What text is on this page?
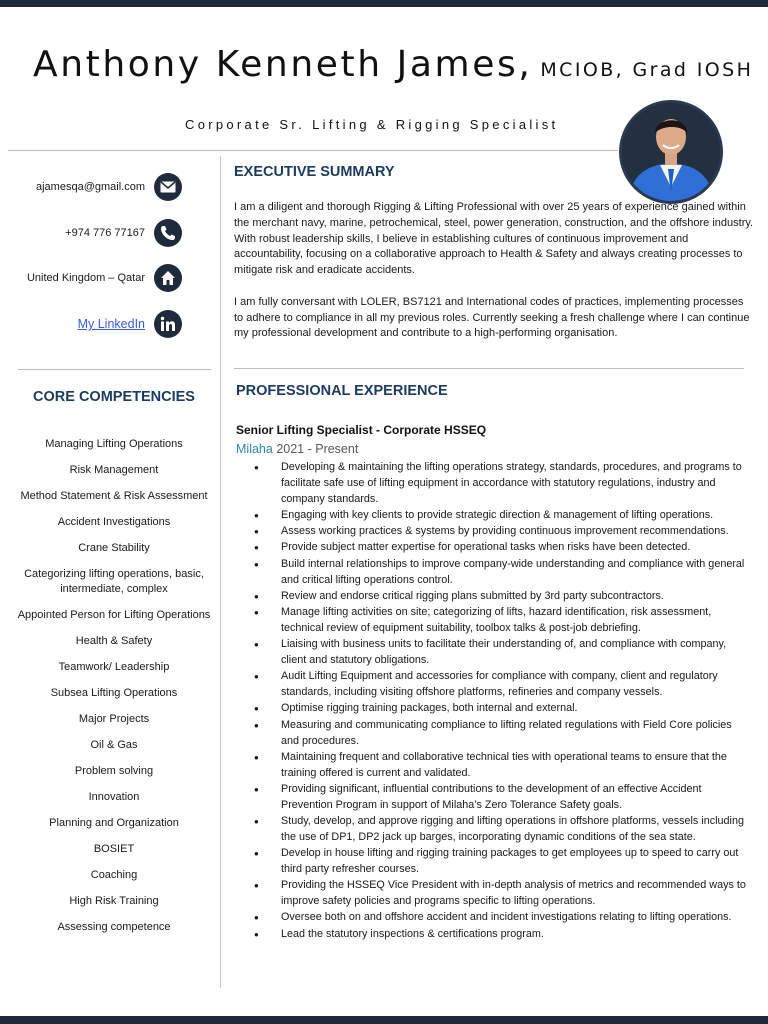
Anthony Kenneth James, MCIOB, Grad IOSH
Corporate Sr. Lifting & Rigging Specialist
ajamesqa@gmail.com
+974 776 77167
United Kingdom – Qatar
My LinkedIn
CORE COMPETENCIES
Managing Lifting Operations
Risk Management
Method Statement & Risk Assessment
Accident Investigations
Crane Stability
Categorizing lifting operations, basic, intermediate, complex
Appointed Person for Lifting Operations
Health & Safety
Teamwork/ Leadership
Subsea Lifting Operations
Major Projects
Oil & Gas
Problem solving
Innovation
Planning and Organization
BOSIET
Coaching
High Risk Training
Assessing competence
EXECUTIVE SUMMARY

I am a diligent and thorough Rigging & Lifting Professional with over 25 years of experience gained within the merchant navy, marine, petrochemical, steel, power generation, construction, and the offshore industry. With robust leadership skills, I believe in establishing cultures of continuous improvement and accountability, focusing on a collaborative approach to Health & Safety and always creating processes to mitigate risk and eradicate accidents.

I am fully conversant with LOLER, BS7121 and International codes of practices, implementing processes to adhere to compliance in all my previous roles. Currently seeking a fresh challenge where I can continue my professional development and contribute to a high-performing organisation.

PROFESSIONAL EXPERIENCE
Senior Lifting Specialist - Corporate HSSEQ
Milaha 2021 - Present
● Developing & maintaining the lifting operations strategy, standards, procedures, and programs to facilitate safe use of lifting equipment in accordance with statutory regulations, industry and company standards.
● Engaging with key clients to provide strategic direction & management of lifting operations.
● Assess working practices & systems by providing continuous improvement recommendations.
● Provide subject matter expertise for operational tasks when risks have been detected.
● Build internal relationships to improve company-wide understanding and compliance with general and critical lifting operations control.
● Review and endorse critical rigging plans submitted by 3rd party subcontractors.
● Manage lifting activities on site; categorizing of lifts, hazard identification, risk assessment, technical review of equipment suitability, toolbox talks & post-job debriefing.
● Liaising with business units to facilitate their understanding of, and compliance with company, client and statutory obligations.
● Audit Lifting Equipment and accessories for compliance with company, client and regulatory standards, including visiting offshore platforms, refineries and company vessels.
● Optimise rigging training packages, both internal and external.
● Measuring and communicating compliance to lifting related regulations with Field Core policies and procedures.
● Maintaining frequent and collaborative technical ties with operational teams to ensure that the training offered is current and validated.
● Providing significant, influential contributions to the development of an effective Accident Prevention Program in support of Milaha’s Zero Tolerance Safety goals.
● Study, develop, and approve rigging and lifting operations in offshore platforms, vessels including the use of DP1, DP2 jack up barges, incorporating dynamic conditions of the sea state.
● Develop in house lifting and rigging training packages to get employees up to speed to carry out third party refresher courses.
● Providing the HSSEQ Vice President with in-depth analysis of metrics and recommended ways to improve safety policies and programs specific to lifting operations.
● Oversee both on and offshore accident and incident investigations relating to lifting operations.
● Lead the statutory inspections & certifications program.
